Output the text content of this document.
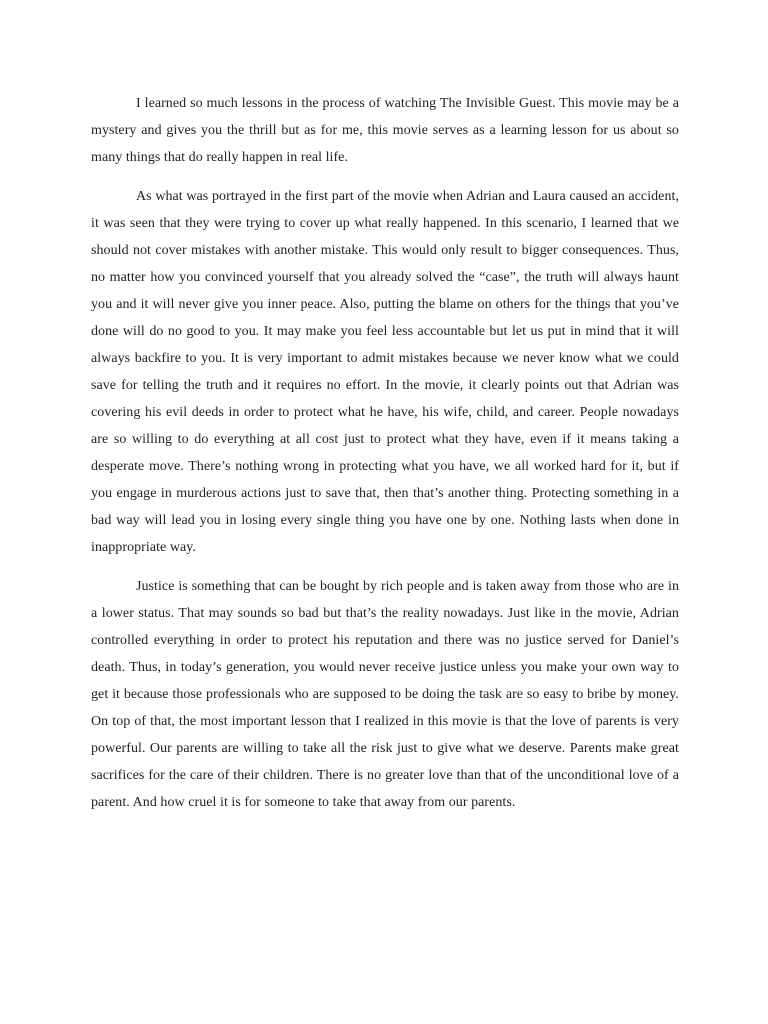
I learned so much lessons in the process of watching The Invisible Guest. This movie may be a mystery and gives you the thrill but as for me, this movie serves as a learning lesson for us about so many things that do really happen in real life.

As what was portrayed in the first part of the movie when Adrian and Laura caused an accident, it was seen that they were trying to cover up what really happened. In this scenario, I learned that we should not cover mistakes with another mistake. This would only result to bigger consequences. Thus, no matter how you convinced yourself that you already solved the “case”, the truth will always haunt you and it will never give you inner peace. Also, putting the blame on others for the things that you’ve done will do no good to you. It may make you feel less accountable but let us put in mind that it will always backfire to you. It is very important to admit mistakes because we never know what we could save for telling the truth and it requires no effort. In the movie, it clearly points out that Adrian was covering his evil deeds in order to protect what he have, his wife, child, and career. People nowadays are so willing to do everything at all cost just to protect what they have, even if it means taking a desperate move. There’s nothing wrong in protecting what you have, we all worked hard for it, but if you engage in murderous actions just to save that, then that’s another thing. Protecting something in a bad way will lead you in losing every single thing you have one by one. Nothing lasts when done in inappropriate way.

Justice is something that can be bought by rich people and is taken away from those who are in a lower status. That may sounds so bad but that’s the reality nowadays. Just like in the movie, Adrian controlled everything in order to protect his reputation and there was no justice served for Daniel’s death. Thus, in today’s generation, you would never receive justice unless you make your own way to get it because those professionals who are supposed to be doing the task are so easy to bribe by money. On top of that, the most important lesson that I realized in this movie is that the love of parents is very powerful. Our parents are willing to take all the risk just to give what we deserve. Parents make great sacrifices for the care of their children. There is no greater love than that of the unconditional love of a parent. And how cruel it is for someone to take that away from our parents.
